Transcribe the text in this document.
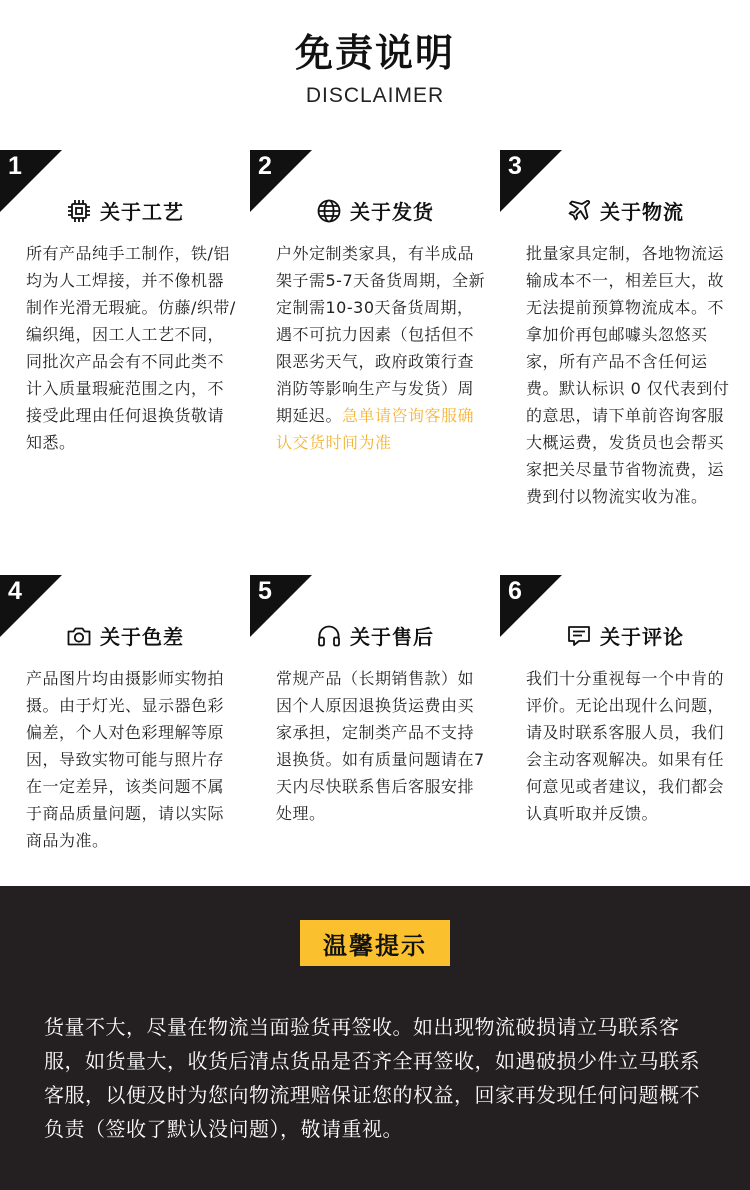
免责说明
DISCLAIMER
1
关于工艺
所有产品纯手工制作，铁/铝均为人工焊接，并不像机器制作光滑无瑕疵。仿藤/织带/编织绳，因工人工艺不同，同批次产品会有不同此类不计入质量瑕疵范围之内，不接受此理由任何退换货敬请知悉。
2
关于发货
户外定制类家具，有半成品架子需5-7天备货周期，全新定制需10-30天备货周期，遇不可抗力因素（包括但不限恶劣天气，政府政策行查消防等影响生产与发货）周期延迟。急单请咨询客服确认交货时间为准
3
关于物流
批量家具定制，各地物流运输成本不一，相差巨大，故无法提前预算物流成本。不拿加价再包邮噱头忽悠买家，所有产品不含任何运费。默认标识 0 仅代表到付的意思，请下单前咨询客服大概运费，发货员也会帮买家把关尽量节省物流费，运费到付以物流实收为准。
4
关于色差
产品图片均由摄影师实物拍摄。由于灯光、显示器色彩偏差，个人对色彩理解等原因，导致实物可能与照片存在一定差异，该类问题不属于商品质量问题，请以实际商品为准。
5
关于售后
常规产品（长期销售款）如因个人原因退换货运费由买家承担，定制类产品不支持退换货。如有质量问题请在7 天内尽快联系售后客服安排处理。
6
关于评论
我们十分重视每一个中肯的评价。无论出现什么问题，请及时联系客服人员，我们会主动客观解决。如果有任何意见或者建议，我们都会认真听取并反馈。
温馨提示
货量不大，尽量在物流当面验货再签收。如出现物流破损请立马联系客服，如货量大，收货后清点货品是否齐全再签收，如遇破损少件立马联系客服，以便及时为您向物流理赔保证您的权益，回家再发现任何问题概不负责（签收了默认没问题），敬请重视。
